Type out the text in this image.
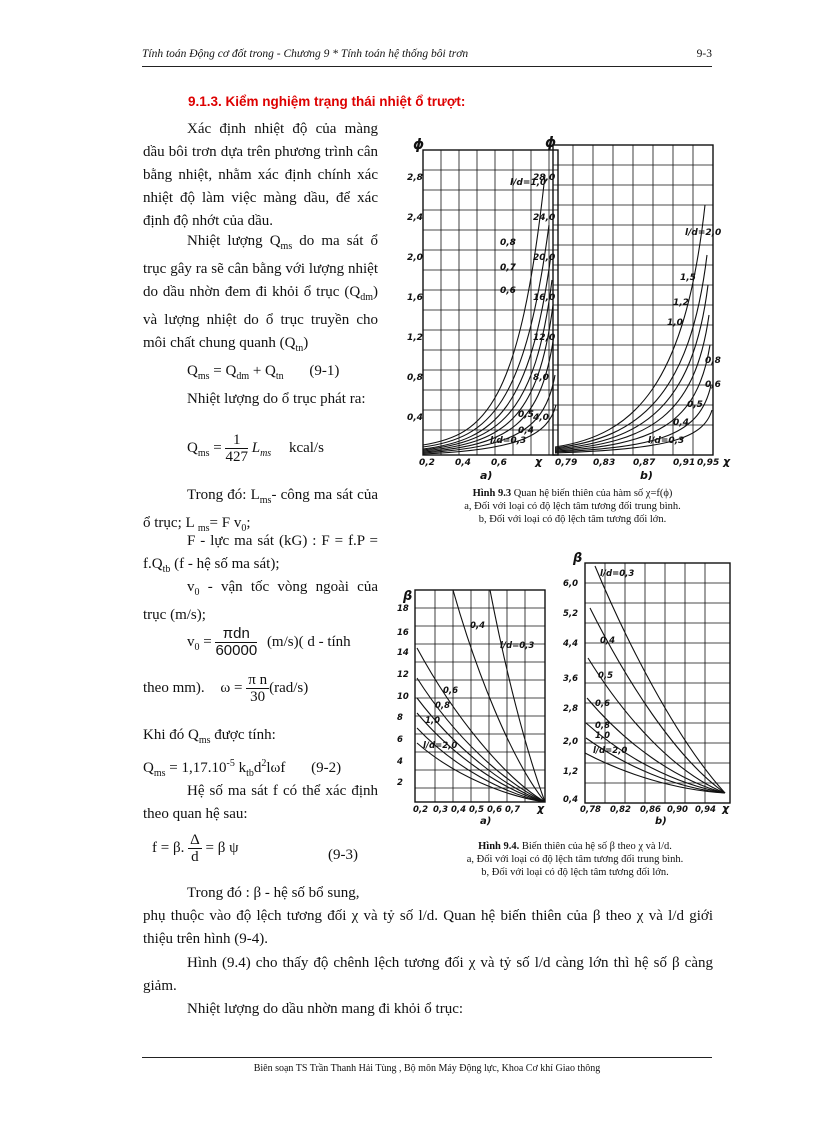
Tính toán Động cơ đốt trong - Chương 9 * Tính toán hệ thống bôi trơn	9-3
9.1.3. Kiểm nghiệm trạng thái nhiệt ổ trượt:
Xác định nhiệt độ của màng dầu bôi trơn dựa trên phương trình cân bằng nhiệt, nhằm xác định chính xác nhiệt độ làm việc màng dầu, để xác định độ nhớt của dầu.
Nhiệt lượng $Q_{ms}$ do ma sát ổ trục gây ra sẽ cân bằng với lượng nhiệt do dầu nhờn đem đi khỏi ổ trục $(Q_{dm})$ và lượng nhiệt do ổ trục truyền cho môi chất chung quanh $(Q_{tn})$
$Q_{ms} = Q_{dm} + Q_{tn}$ (9-1)
Nhiệt lượng do ổ trục phát ra:
$Q_{ms} = \frac{1}{427} L_{ms}$ kcal/s
Trong đó: $L_{ms}-$ công ma sát của ổ trục; L $_{ms}$= F $v_0$;
F - lực ma sát (kG) : $F = f.P = f.Q_{tb}$ (f - hệ số ma sát);
$v_0$ - vận tốc vòng ngoài của trục (m/s);
$v_0 = \frac{\text{πdn}}{60000} (m/s)$( d - tính
theo mm). $\omega = \frac{\text{π n}}{30} (rad/s)$
Khi đó $Q_{ms}$ được tính:
$Q_{ms} = 1,17.10^{-5}$ $k_{tb}d^2l\omega f$ (9-2)
Hệ số ma sát f có thể xác định theo quan hệ sau:
f = β. $\frac{\Delta}{d} = \beta$ ψ	(9-3)
Trong đó : β - hệ số bổ sung,
phụ thuộc vào độ lệch tương đối χ và tỷ số l/d. Quan hệ biến thiên của β theo χ và l/d giới thiệu trên hình (9-4).
Hình (9.4) cho thấy độ chênh lệch tương đối χ và tỷ số l/d càng lớn thì hệ số β càng giảm.
Nhiệt lượng do dầu nhờn mang đi khỏi ổ trục:
2,8
2,4
2,0
1,6
1,2
0,8
0,4
28,0
24,0
20,0
16,0
12,0
8,0
4,0
0,2 0,4 0,6	0,79 0,83 0,87 0,91 0,95
l/d=1,0
0,8
0,7
0,6
0,5
0,4
l/d=0,3
l/d=2,0
1,5
1,2
1,0
0,8
0,6
0,5
0,4
l/d=0,3
ϕ	ϕ
χ	χ
a)	b)
Hình 9.3 Quan hệ biến thiên của hàm số χ=f(ϕ)
a, Đối với loại có độ lệch tâm tương đối trung bình.
b, Đối với loại có độ lệch tâm tương đối lớn.
18
16
14
12
10
8
6
4
2
6,0
5,2
4,4
3,6
2,8
2,0
1,2
0,4
0,2 0,3 0,4 0,5 0,6 0,7	0,78 0,82 0,86 0,90 0,94
l/d=0,3
0,4
0,6
0,8
1,0
l/d=2,0
l/d=0,3
0,4
0,5
0,6
0,8
1,0
l/d=2,0
β
β
χ	χ
a)	b)
Hình 9.4. Biến thiên của hệ số β theo χ và l/d.
a, Đối với loại có độ lệch tâm tương đối trung bình.
b, Đối với loại có độ lệch tâm tương đối lớn.
Biên soạn TS Trần Thanh Hải Tùng , Bộ môn Máy Động lực, Khoa Cơ khí Giao thông
